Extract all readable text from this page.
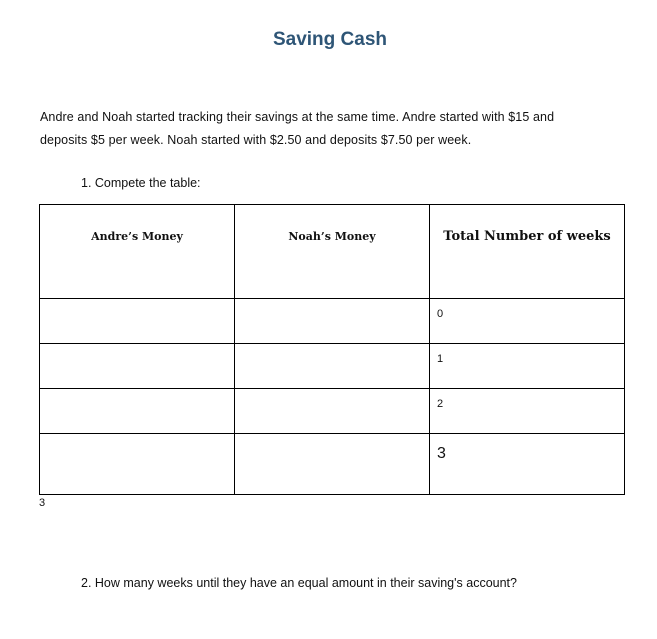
Saving Cash
Andre and Noah started tracking their savings at the same time. Andre started with $15 and
deposits $5 per week. Noah started with $2.50 and deposits $7.50 per week.
1. Compete the table:
Andre’s Money	Noah’s Money	Total Number of weeks

		0

		1

		2

		3
3
2. How many weeks until they have an equal amount in their saving's account?
